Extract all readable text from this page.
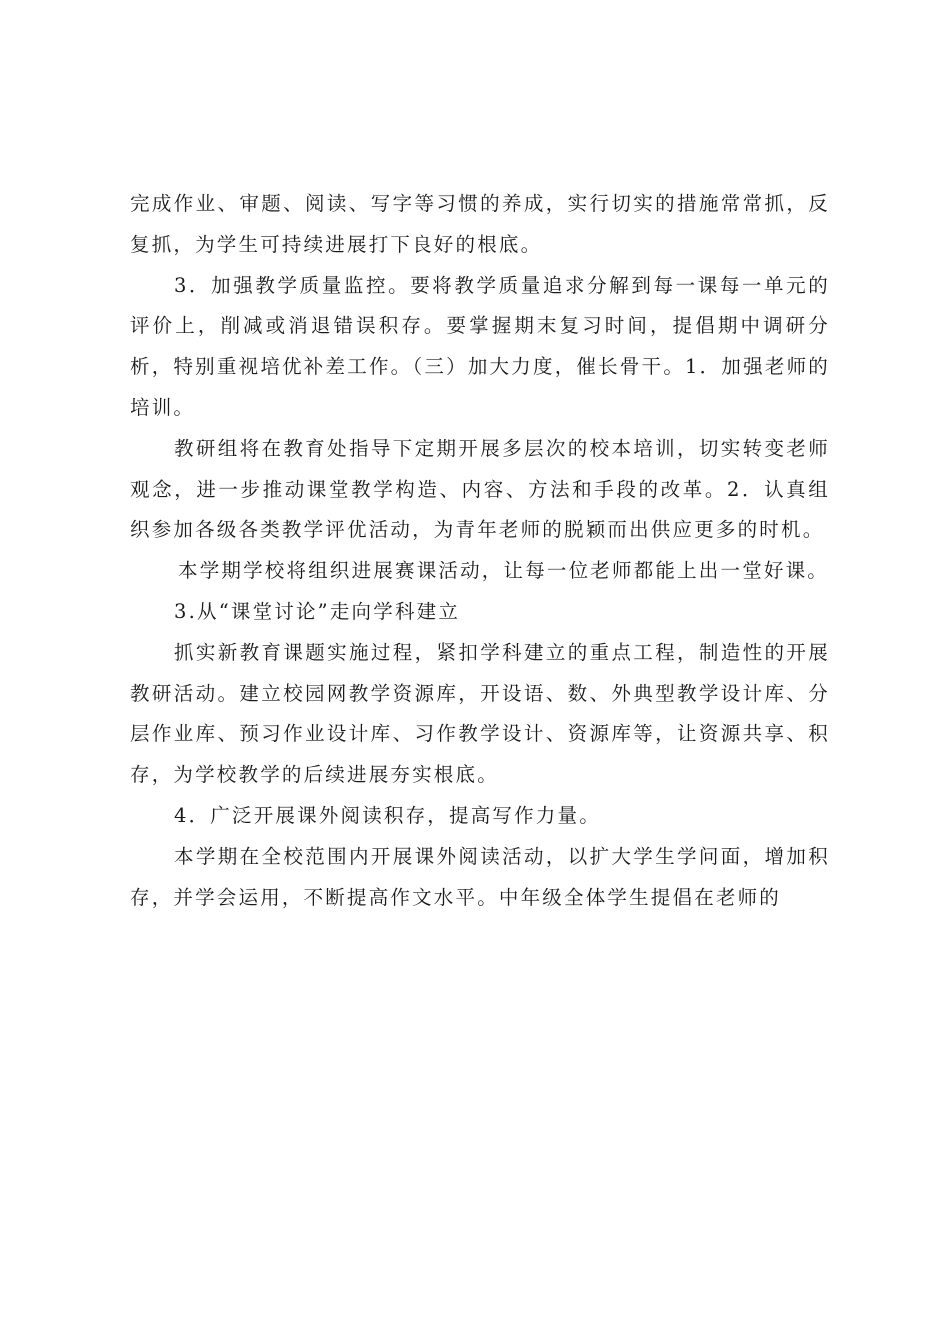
完成作业、审题、阅读、写字等习惯的养成，实行切实的措施常常抓，反复抓，为学生可持续进展打下良好的根底。

3．加强教学质量监控。要将教学质量追求分解到每一课每一单元的评价上，削减或消退错误积存。要掌握期末复习时间，提倡期中调研分析，特别重视培优补差工作。（三）加大力度，催长骨干。1．加强老师的培训。

教研组将在教育处指导下定期开展多层次的校本培训，切实转变老师观念，进一步推动课堂教学构造、内容、方法和手段的改革。2．认真组织参加各级各类教学评优活动，为青年老师的脱颖而出供应更多的时机。

本学期学校将组织进展赛课活动，让每一位老师都能上出一堂好课。

3.从“课堂讨论”走向学科建立

抓实新教育课题实施过程，紧扣学科建立的重点工程，制造性的开展教研活动。建立校园网教学资源库，开设语、数、外典型教学设计库、分层作业库、预习作业设计库、习作教学设计、资源库等，让资源共享、积存，为学校教学的后续进展夯实根底。

4．广泛开展课外阅读积存，提高写作力量。

本学期在全校范围内开展课外阅读活动，以扩大学生学问面，增加积存，并学会运用，不断提高作文水平。中年级全体学生提倡在老师的
